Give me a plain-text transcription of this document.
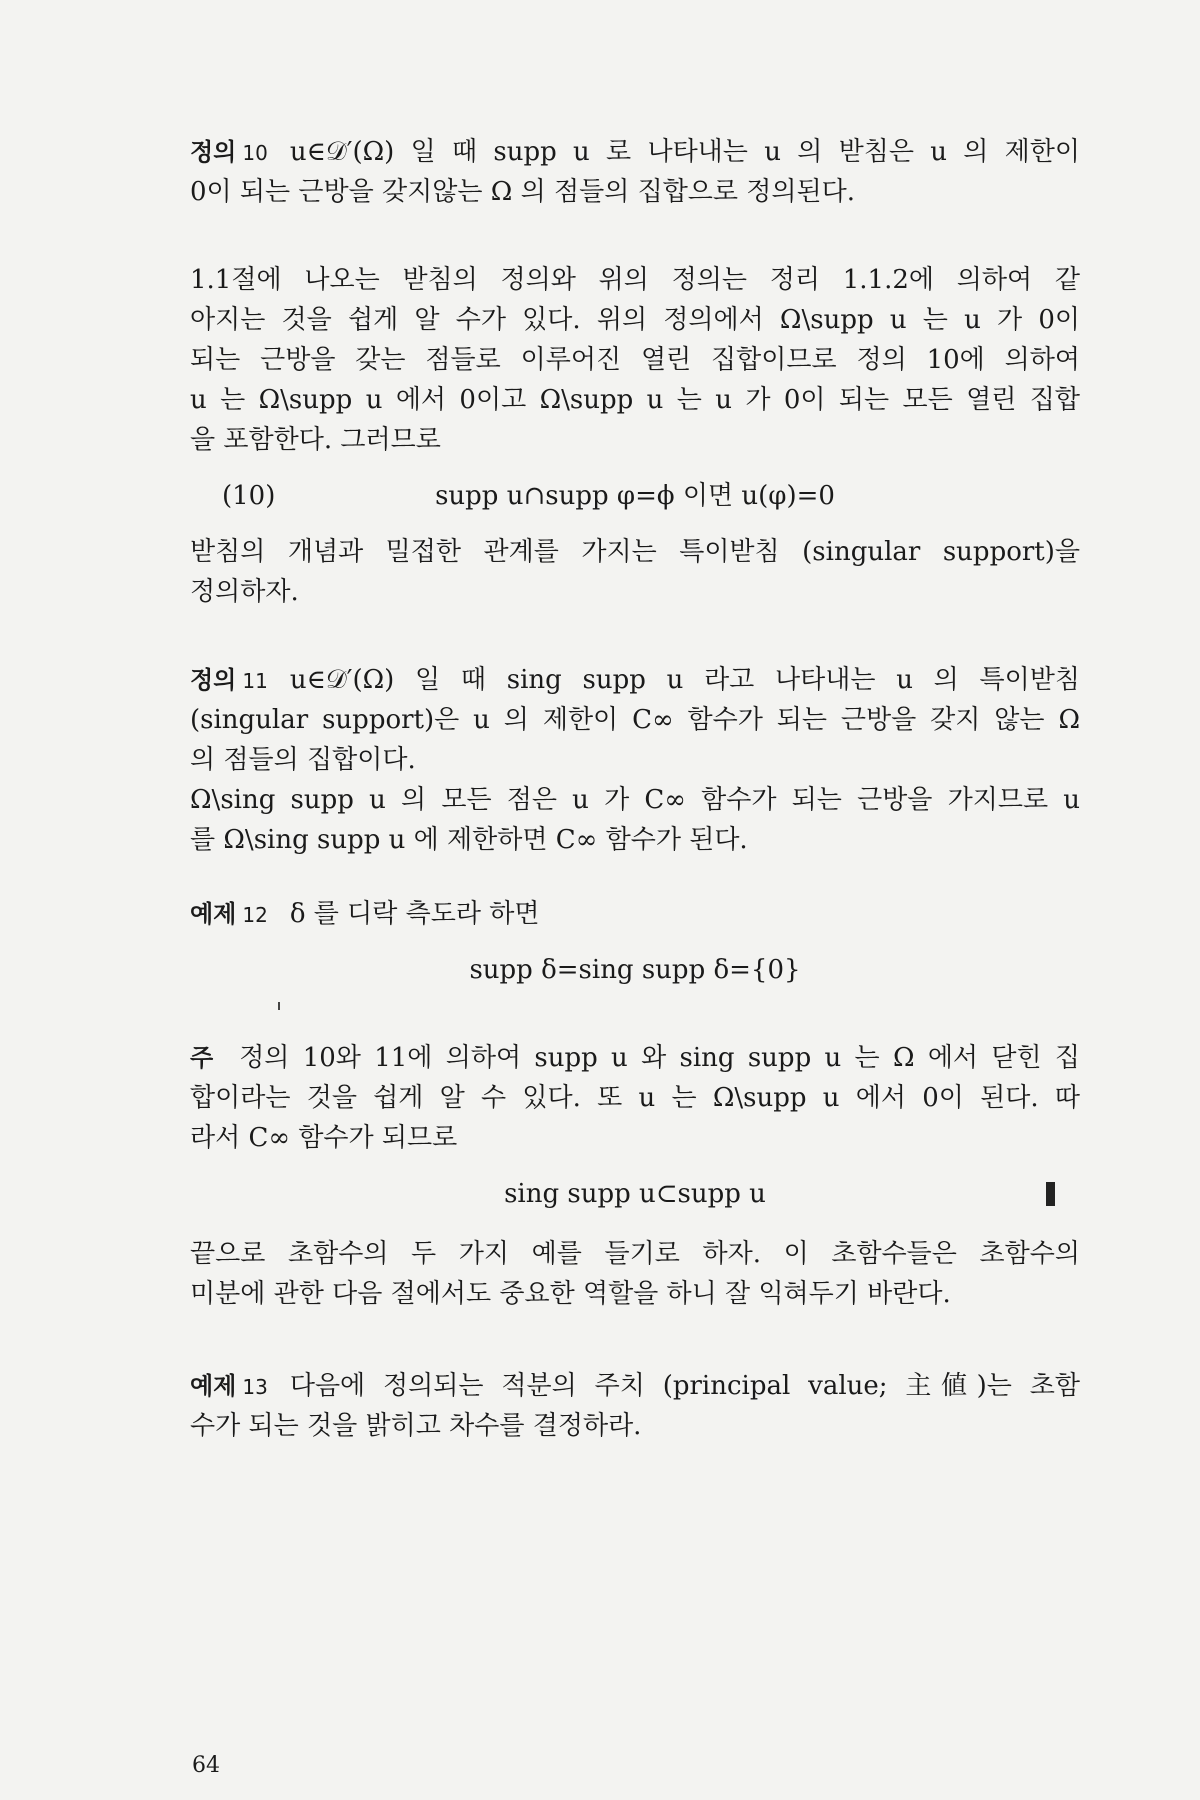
정의 10 u∈𝒟′(Ω) 일 때 supp u 로 나타내는 u 의 받침은 u 의 제한이
0이 되는 근방을 갖지않는 Ω 의 점들의 집합으로 정의된다.
1.1절에 나오는 받침의 정의와 위의 정의는 정리 1.1.2에 의하여 같
아지는 것을 쉽게 알 수가 있다. 위의 정의에서 Ω\supp u 는 u 가 0이
되는 근방을 갖는 점들로 이루어진 열린 집합이므로 정의 10에 의하여
u 는 Ω\supp u 에서 0이고 Ω\supp u 는 u 가 0이 되는 모든 열린 집합
을 포함한다. 그러므로
(10)	supp u∩supp φ=ϕ 이면 u(φ)=0
받침의 개념과 밀접한 관계를 가지는 특이받침 (singular support)을
정의하자.
정의 11 u∈𝒟′(Ω) 일 때 sing supp u 라고 나타내는 u 의 특이받침
(singular support)은 u 의 제한이 C∞ 함수가 되는 근방을 갖지 않는 Ω
의 점들의 집합이다.
Ω\sing supp u 의 모든 점은 u 가 C∞ 함수가 되는 근방을 가지므로 u
를 Ω\sing supp u 에 제한하면 C∞ 함수가 된다.
예제 12 δ 를 디락 측도라 하면
supp δ=sing supp δ={0}
주 정의 10와 11에 의하여 supp u 와 sing supp u 는 Ω 에서 닫힌 집
합이라는 것을 쉽게 알 수 있다. 또 u 는 Ω\supp u 에서 0이 된다. 따
라서 C∞ 함수가 되므로
sing supp u⊂supp u
끝으로 초함수의 두 가지 예를 들기로 하자. 이 초함수들은 초함수의
미분에 관한 다음 절에서도 중요한 역할을 하니 잘 익혀두기 바란다.
예제 13 다음에 정의되는 적분의 주치 (principal value; 主値)는 초함
수가 되는 것을 밝히고 차수를 결정하라.
64
